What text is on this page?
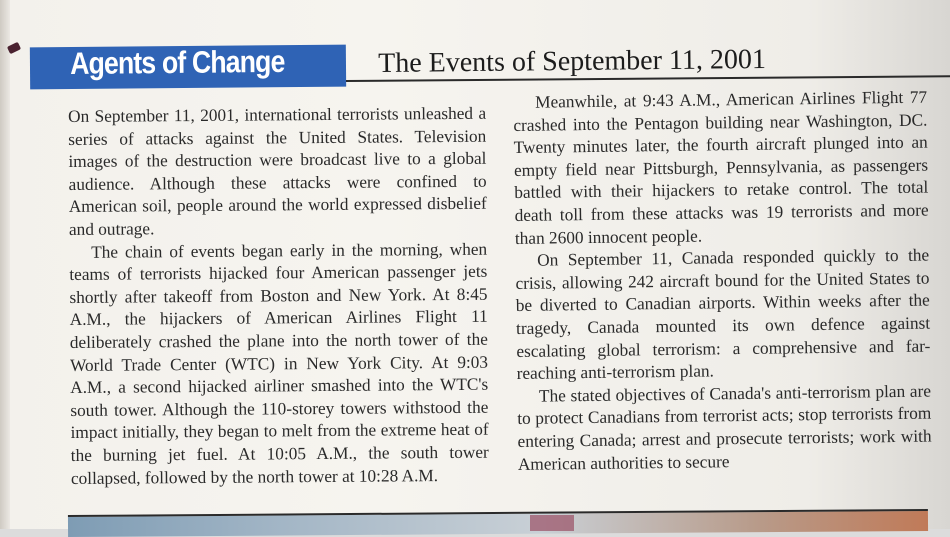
Agents of Change	The Events of September 11, 2001

On September 11, 2001, international terrorists unleashed a series of attacks against the United States. Television images of the destruction were broadcast live to a global audience. Although these attacks were confined to American soil, people around the world expressed disbelief and outrage.

The chain of events began early in the morning, when teams of terrorists hijacked four American passenger jets shortly after takeoff from Boston and New York. At 8:45 A.M., the hijackers of American Airlines Flight 11 deliberately crashed the plane into the north tower of the World Trade Center (WTC) in New York City. At 9:03 A.M., a second hijacked airliner smashed into the WTC's south tower. Although the 110-storey towers withstood the impact initially, they began to melt from the extreme heat of the burning jet fuel. At 10:05 A.M., the south tower collapsed, followed by the north tower at 10:28 A.M.

Meanwhile, at 9:43 A.M., American Airlines Flight 77 crashed into the Pentagon building near Washington, DC. Twenty minutes later, the fourth aircraft plunged into an empty field near Pittsburgh, Pennsylvania, as passengers battled with their hijackers to retake control. The total death toll from these attacks was 19 terrorists and more than 2600 innocent people.

On September 11, Canada responded quickly to the crisis, allowing 242 aircraft bound for the United States to be diverted to Canadian airports. Within weeks after the tragedy, Canada mounted its own defence against escalating global terrorism: a comprehensive and far-reaching anti-terrorism plan.

The stated objectives of Canada's anti-terrorism plan are to protect Canadians from terrorist acts; stop terrorists from entering Canada; arrest and prosecute terrorists; work with American authorities to secure
